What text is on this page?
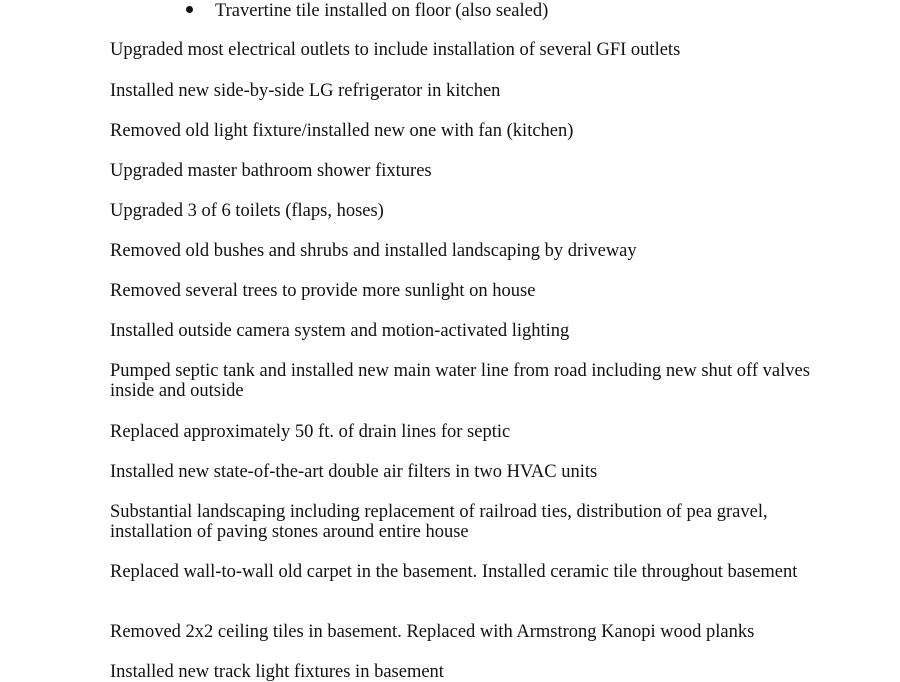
Travertine tile installed on floor (also sealed)

Upgraded most electrical outlets to include installation of several GFI outlets

Installed new side-by-side LG refrigerator in kitchen

Removed old light fixture/installed new one with fan (kitchen)

Upgraded master bathroom shower fixtures

Upgraded 3 of 6 toilets (flaps, hoses)

Removed old bushes and shrubs and installed landscaping by driveway

Removed several trees to provide more sunlight on house

Installed outside camera system and motion-activated lighting

Pumped septic tank and installed new main water line from road including new shut off valves inside and outside

Replaced approximately 50 ft. of drain lines for septic

Installed new state-of-the-art double air filters in two HVAC units

Substantial landscaping including replacement of railroad ties, distribution of pea gravel, installation of paving stones around entire house

Replaced wall-to-wall old carpet in the basement. Installed ceramic tile throughout basement

Removed 2x2 ceiling tiles in basement. Replaced with Armstrong Kanopi wood planks

Installed new track light fixtures in basement
